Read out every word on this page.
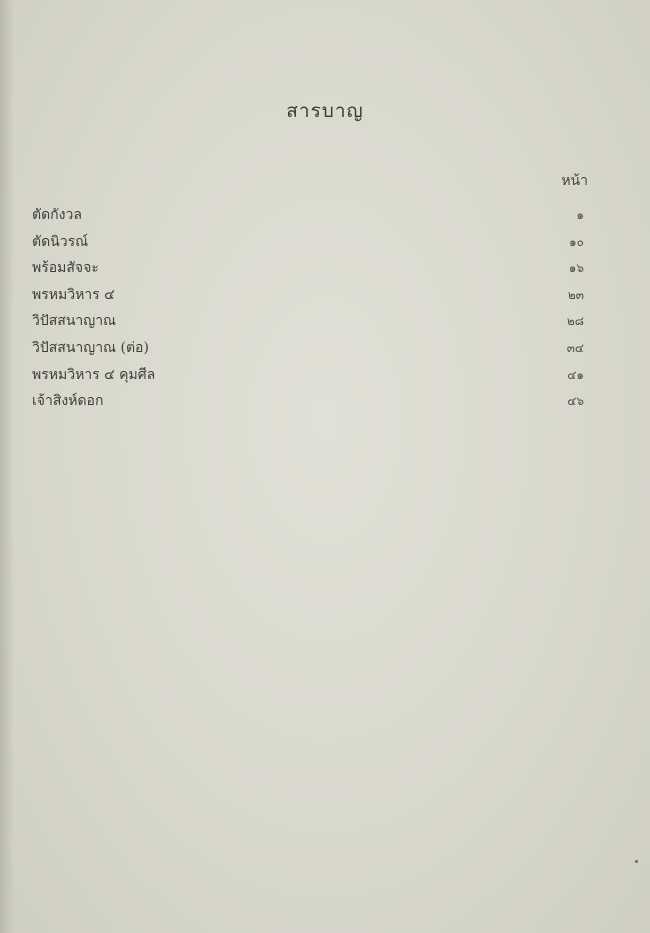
สารบาญ
หน้า
ตัดกังวล	๑
ตัดนิวรณ์	๑๐
พร้อมสัจจะ	๑๖
พรหมวิหาร ๔	๒๓
วิปัสสนาญาณ	๒๘
วิปัสสนาญาณ (ต่อ)	๓๔
พรหมวิหาร ๔ คุมศีล	๔๑
เจ้าสิงห์ดอก	๔๖
